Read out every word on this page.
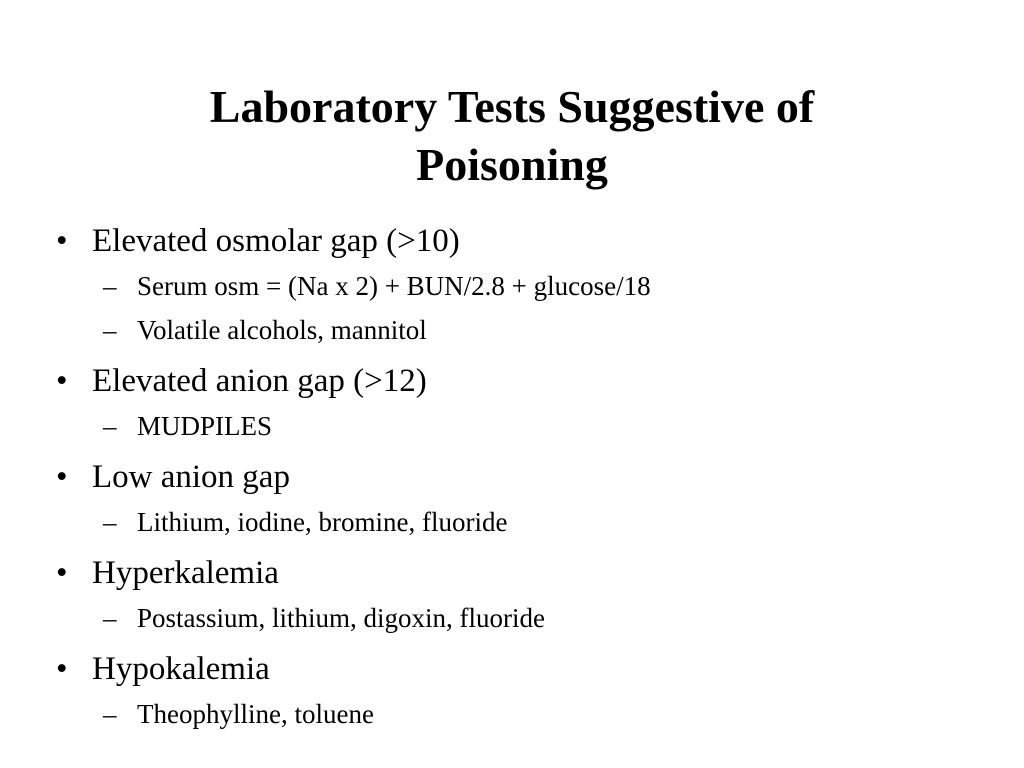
Laboratory Tests Suggestive of
Poisoning
• Elevated osmolar gap (>10)
– Serum osm = (Na x 2) + BUN/2.8 + glucose/18
– Volatile alcohols, mannitol
• Elevated anion gap (>12)
– MUDPILES
• Low anion gap
– Lithium, iodine, bromine, fluoride
• Hyperkalemia
– Postassium, lithium, digoxin, fluoride
• Hypokalemia
– Theophylline, toluene
